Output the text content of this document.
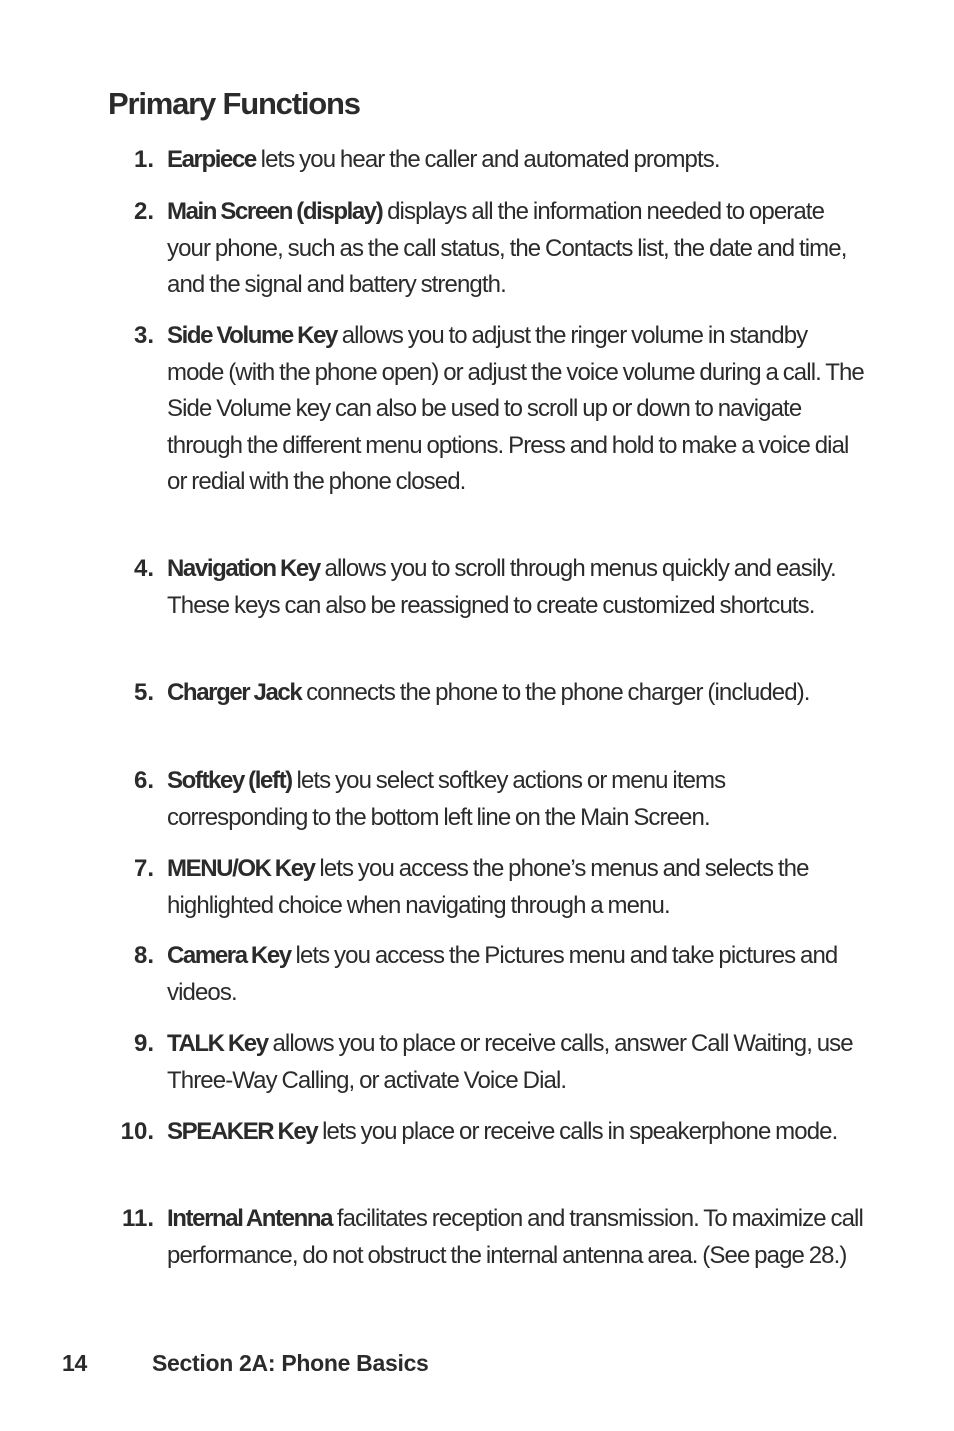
Primary Functions
1. Earpiece lets you hear the caller and automated prompts.
2. Main Screen (display) displays all the information needed to operate your phone, such as the call status, the Contacts list, the date and time, and the signal and battery strength.
3. Side Volume Key allows you to adjust the ringer volume in standby mode (with the phone open) or adjust the voice volume during a call. The Side Volume key can also be used to scroll up or down to navigate through the different menu options. Press and hold to make a voice dial or redial with the phone closed.
4. Navigation Key allows you to scroll through menus quickly and easily. These keys can also be reassigned to create customized shortcuts.
5. Charger Jack connects the phone to the phone charger (included).
6. Softkey (left) lets you select softkey actions or menu items corresponding to the bottom left line on the Main Screen.
7. MENU/OK Key lets you access the phone’s menus and selects the highlighted choice when navigating through a menu.
8. Camera Key lets you access the Pictures menu and take pictures and videos.
9. TALK Key allows you to place or receive calls, answer Call Waiting, use Three-Way Calling, or activate Voice Dial.
10. SPEAKER Key lets you place or receive calls in speakerphone mode.
11. Internal Antenna facilitates reception and transmission. To maximize call performance, do not obstruct the internal antenna area. (See page 28.)
14	Section 2A: Phone Basics
